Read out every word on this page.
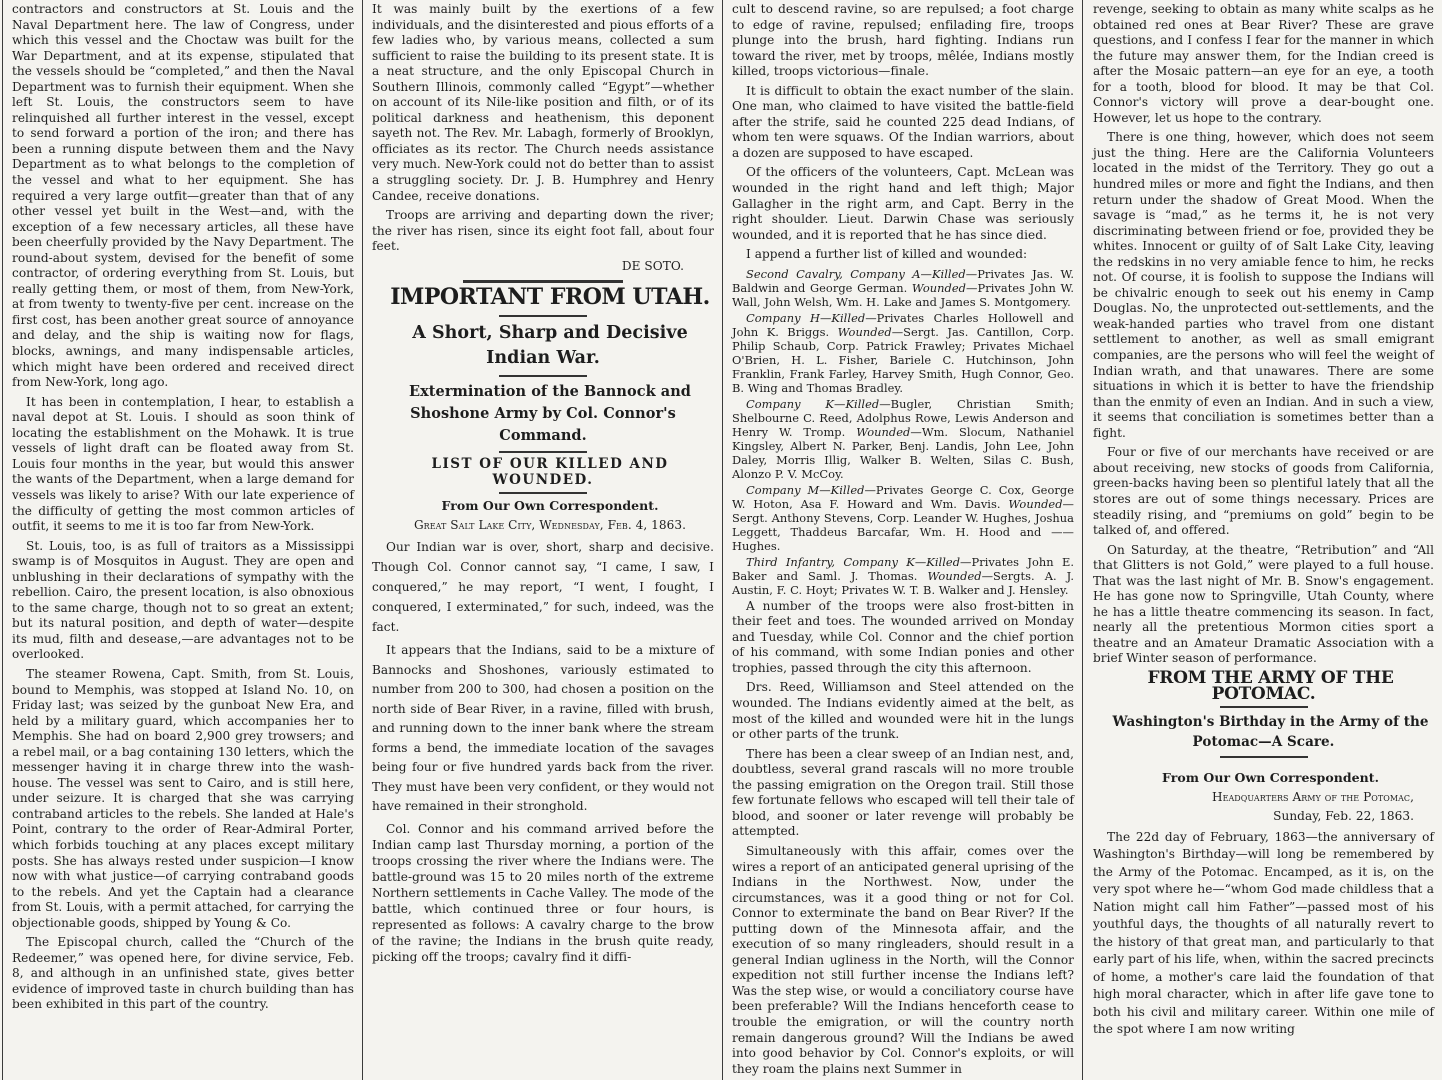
contractors and constructors at St. Louis and the Naval Department here. The law of Congress, under which this vessel and the Choctaw was built for the War Department, and at its expense, stipulated that the vessels should be “completed,” and then the Naval Department was to furnish their equipment. When she left St. Louis, the constructors seem to have relinquished all further interest in the vessel, except to send forward a portion of the iron; and there has been a running dispute between them and the Navy Department as to what belongs to the completion of the vessel and what to her equipment. She has required a very large outfit—greater than that of any other vessel yet built in the West—and, with the exception of a few necessary articles, all these have been cheerfully provided by the Navy Department. The round-about system, devised for the benefit of some contractor, of ordering everything from St. Louis, but really getting them, or most of them, from New-York, at from twenty to twenty-five per cent. increase on the first cost, has been another great source of annoyance and delay, and the ship is waiting now for flags, blocks, awnings, and many indispensable articles, which might have been ordered and received direct from New-York, long ago.

It has been in contemplation, I hear, to establish a naval depot at St. Louis. I should as soon think of locating the establishment on the Mohawk. It is true vessels of light draft can be floated away from St. Louis four months in the year, but would this answer the wants of the Department, when a large demand for vessels was likely to arise? With our late experience of the difficulty of getting the most common articles of outfit, it seems to me it is too far from New-York.

St. Louis, too, is as full of traitors as a Mississippi swamp is of Mosquitos in August. They are open and unblushing in their declarations of sympathy with the rebellion. Cairo, the present location, is also obnoxious to the same charge, though not to so great an extent; but its natural position, and depth of water—despite its mud, filth and desease,—are advantages not to be overlooked.

The steamer Rowena, Capt. Smith, from St. Louis, bound to Memphis, was stopped at Island No. 10, on Friday last; was seized by the gunboat New Era, and held by a military guard, which accompanies her to Memphis. She had on board 2,900 grey trowsers; and a rebel mail, or a bag containing 130 letters, which the messenger having it in charge threw into the wash-house. The vessel was sent to Cairo, and is still here, under seizure. It is charged that she was carrying contraband articles to the rebels. She landed at Hale's Point, contrary to the order of Rear-Admiral Porter, which forbids touching at any places except military posts. She has always rested under suspicion—I know now with what justice—of carrying contraband goods to the rebels. And yet the Captain had a clearance from St. Louis, with a permit attached, for carrying the objectionable goods, shipped by Young & Co.

The Episcopal church, called the “Church of the Redeemer,” was opened here, for divine service, Feb. 8, and although in an unfinished state, gives better evidence of improved taste in church building than has been exhibited in this part of the country.

It was mainly built by the exertions of a few individuals, and the disinterested and pious efforts of a few ladies who, by various means, collected a sum sufficient to raise the building to its present state. It is a neat structure, and the only Episcopal Church in Southern Illinois, commonly called “Egypt”—whether on account of its Nile-like position and filth, or of its political darkness and heathenism, this deponent sayeth not. The Rev. Mr. Labagh, formerly of Brooklyn, officiates as its rector. The Church needs assistance very much. New-York could not do better than to assist a struggling society. Dr. J. B. Humphrey and Henry Candee, receive donations.

Troops are arriving and departing down the river; the river has risen, since its eight foot fall, about four feet.

DE SOTO.

IMPORTANT FROM UTAH.

A Short, Sharp and Decisive Indian War.

Extermination of the Bannock and Shoshone Army by Col. Connor's Command.

LIST OF OUR KILLED AND WOUNDED.

From Our Own Correspondent.

Great Salt Lake City, Wednesday, Feb. 4, 1863.

Our Indian war is over, short, sharp and decisive. Though Col. Connor cannot say, “I came, I saw, I conquered,” he may report, “I went, I fought, I conquered, I exterminated,” for such, indeed, was the fact.

It appears that the Indians, said to be a mixture of Bannocks and Shoshones, variously estimated to number from 200 to 300, had chosen a position on the north side of Bear River, in a ravine, filled with brush, and running down to the inner bank where the stream forms a bend, the immediate location of the savages being four or five hundred yards back from the river. They must have been very confident, or they would not have remained in their stronghold.

Col. Connor and his command arrived before the Indian camp last Thursday morning, a portion of the troops crossing the river where the Indians were. The battle-ground was 15 to 20 miles north of the extreme Northern settlements in Cache Valley. The mode of the battle, which continued three or four hours, is represented as follows: A cavalry charge to the brow of the ravine; the Indians in the brush quite ready, picking off the troops; cavalry find it diffi-

cult to descend ravine, so are repulsed; a foot charge to edge of ravine, repulsed; enfilading fire, troops plunge into the brush, hard fighting. Indians run toward the river, met by troops, mêlée, Indians mostly killed, troops victorious—finale.

It is difficult to obtain the exact number of the slain. One man, who claimed to have visited the battle-field after the strife, said he counted 225 dead Indians, of whom ten were squaws. Of the Indian warriors, about a dozen are supposed to have escaped.

Of the officers of the volunteers, Capt. McLean was wounded in the right hand and left thigh; Major Gallagher in the right arm, and Capt. Berry in the right shoulder. Lieut. Darwin Chase was seriously wounded, and it is reported that he has since died.

I append a further list of killed and wounded:

Second Cavalry, Company A—Killed—Privates Jas. W. Baldwin and George German. Wounded—Privates John W. Wall, John Welsh, Wm. H. Lake and James S. Montgomery.

Company H—Killed—Privates Charles Hollowell and John K. Briggs. Wounded—Sergt. Jas. Cantillon, Corp. Philip Schaub, Corp. Patrick Frawley; Privates Michael O'Brien, H. L. Fisher, Bariele C. Hutchinson, John Franklin, Frank Farley, Harvey Smith, Hugh Connor, Geo. B. Wing and Thomas Bradley.

Company K—Killed—Bugler, Christian Smith; Shelbourne C. Reed, Adolphus Rowe, Lewis Anderson and Henry W. Tromp. Wounded—Wm. Slocum, Nathaniel Kingsley, Albert N. Parker, Benj. Landis, John Lee, John Daley, Morris Illig, Walker B. Welten, Silas C. Bush, Alonzo P. V. McCoy.

Company M—Killed—Privates George C. Cox, George W. Hoton, Asa F. Howard and Wm. Davis. Wounded—Sergt. Anthony Stevens, Corp. Leander W. Hughes, Joshua Leggett, Thaddeus Barcafar, Wm. H. Hood and —— Hughes.

Third Infantry, Company K—Killed—Privates John E. Baker and Saml. J. Thomas. Wounded—Sergts. A. J. Austin, F. C. Hoyt; Privates W. T. B. Walker and J. Hensley.

A number of the troops were also frost-bitten in their feet and toes. The wounded arrived on Monday and Tuesday, while Col. Connor and the chief portion of his command, with some Indian ponies and other trophies, passed through the city this afternoon.

Drs. Reed, Williamson and Steel attended on the wounded. The Indians evidently aimed at the belt, as most of the killed and wounded were hit in the lungs or other parts of the trunk.

There has been a clear sweep of an Indian nest, and, doubtless, several grand rascals will no more trouble the passing emigration on the Oregon trail. Still those few fortunate fellows who escaped will tell their tale of blood, and sooner or later revenge will probably be attempted.

Simultaneously with this affair, comes over the wires a report of an anticipated general uprising of the Indians in the Northwest. Now, under the circumstances, was it a good thing or not for Col. Connor to exterminate the band on Bear River? If the putting down of the Minnesota affair, and the execution of so many ringleaders, should result in a general Indian ugliness in the North, will the Connor expedition not still further incense the Indians left? Was the step wise, or would a conciliatory course have been preferable? Will the Indians henceforth cease to trouble the emigration, or will the country north remain dangerous ground? Will the Indians be awed into good behavior by Col. Connor's exploits, or will they roam the plains next Summer in

revenge, seeking to obtain as many white scalps as he obtained red ones at Bear River? These are grave questions, and I confess I fear for the manner in which the future may answer them, for the Indian creed is after the Mosaic pattern—an eye for an eye, a tooth for a tooth, blood for blood. It may be that Col. Connor's victory will prove a dear-bought one. However, let us hope to the contrary.

There is one thing, however, which does not seem just the thing. Here are the California Volunteers located in the midst of the Territory. They go out a hundred miles or more and fight the Indians, and then return under the shadow of Great Mood. When the savage is “mad,” as he terms it, he is not very discriminating between friend or foe, provided they be whites. Innocent or guilty of of Salt Lake City, leaving the redskins in no very amiable fence to him, he recks not. Of course, it is foolish to suppose the Indians will be chivalric enough to seek out his enemy in Camp Douglas. No, the unprotected out-settlements, and the weak-handed parties who travel from one distant settlement to another, as well as small emigrant companies, are the persons who will feel the weight of Indian wrath, and that unawares. There are some situations in which it is better to have the friendship than the enmity of even an Indian. And in such a view, it seems that conciliation is sometimes better than a fight.

Four or five of our merchants have received or are about receiving, new stocks of goods from California, green-backs having been so plentiful lately that all the stores are out of some things necessary. Prices are steadily rising, and “premiums on gold” begin to be talked of, and offered.

On Saturday, at the theatre, “Retribution” and “All that Glitters is not Gold,” were played to a full house. That was the last night of Mr. B. Snow's engagement. He has gone now to Springville, Utah County, where he has a little theatre commencing its season. In fact, nearly all the pretentious Mormon cities sport a theatre and an Amateur Dramatic Association with a brief Winter season of performance.

FROM THE ARMY OF THE POTOMAC.

Washington's Birthday in the Army of the Potomac—A Scare.

From Our Own Correspondent.

Headquarters Army of the Potomac,

Sunday, Feb. 22, 1863.

The 22d day of February, 1863—the anniversary of Washington's Birthday—will long be remembered by the Army of the Potomac. Encamped, as it is, on the very spot where he—“whom God made childless that a Nation might call him Father”—passed most of his youthful days, the thoughts of all naturally revert to the history of that great man, and particularly to that early part of his life, when, within the sacred precincts of home, a mother's care laid the foundation of that high moral character, which in after life gave tone to both his civil and military career. Within one mile of the spot where I am now writing
